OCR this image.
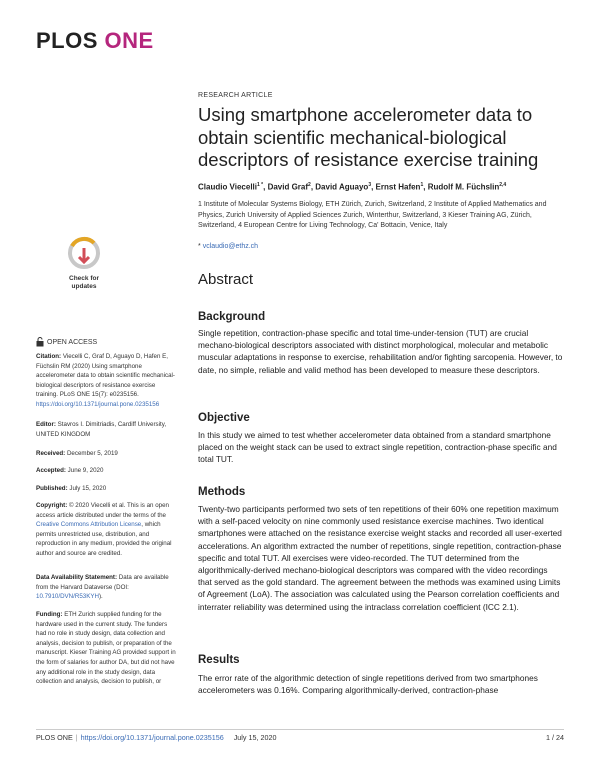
PLOS ONE
RESEARCH ARTICLE
Using smartphone accelerometer data to obtain scientific mechanical-biological descriptors of resistance exercise training
Claudio Viecelli$^{1 *}$, David Graf$^2$, David Aguayo$^3$, Ernst Hafen$^1$, Rudolf M. Füchslin$^{2,4}$
1 Institute of Molecular Systems Biology, ETH Zürich, Zurich, Switzerland, 2 Institute of Applied Mathematics and Physics, Zurich University of Applied Sciences Zurich, Winterthur, Switzerland, 3 Kieser Training AG, Zürich, Switzerland, 4 European Centre for Living Technology, Ca' Bottacin, Venice, Italy
* vclaudio@ethz.ch
Abstract
Background
Single repetition, contraction-phase specific and total time-under-tension (TUT) are crucial mechano-biological descriptors associated with distinct morphological, molecular and metabolic muscular adaptations in response to exercise, rehabilitation and/or fighting sarcopenia. However, to date, no simple, reliable and valid method has been developed to measure these descriptors.
Objective
In this study we aimed to test whether accelerometer data obtained from a standard smartphone placed on the weight stack can be used to extract single repetition, contraction-phase specific and total TUT.
Methods
Twenty-two participants performed two sets of ten repetitions of their 60% one repetition maximum with a self-paced velocity on nine commonly used resistance exercise machines. Two identical smartphones were attached on the resistance exercise weight stacks and recorded all user-exerted accelerations. An algorithm extracted the number of repetitions, single repetition, contraction-phase specific and total TUT. All exercises were video-recorded. The TUT determined from the algorithmically-derived mechano-biological descriptors was compared with the video recordings that served as the gold standard. The agreement between the methods was examined using Limits of Agreement (LoA). The association was calculated using the Pearson correlation coefficients and interrater reliability was determined using the intraclass correlation coefficient (ICC 2.1).
Results
The error rate of the algorithmic detection of single repetitions derived from two smartphones accelerometers was 0.16%. Comparing algorithmically-derived, contraction-phase
Check for
updates
OPEN ACCESS
Citation: Viecelli C, Graf D, Aguayo D, Hafen E, Füchslin RM (2020) Using smartphone accelerometer data to obtain scientific mechanical-biological descriptors of resistance exercise training. PLoS ONE 15(7): e0235156. https://doi.org/10.1371/journal.pone.0235156
Editor: Stavros I. Dimitriadis, Cardiff University, UNITED KINGDOM
Received: December 5, 2019
Accepted: June 9, 2020
Published: July 15, 2020
Copyright: © 2020 Viecelli et al. This is an open access article distributed under the terms of the Creative Commons Attribution License, which permits unrestricted use, distribution, and reproduction in any medium, provided the original author and source are credited.
Data Availability Statement: Data are available from the Harvard Dataverse (DOI: 10.7910/DVN/R53KYH).
Funding: ETH Zurich supplied funding for the hardware used in the current study. The funders had no role in study design, data collection and analysis, decision to publish, or preparation of the manuscript. Kieser Training AG provided support in the form of salaries for author DA, but did not have any additional role in the study design, data collection and analysis, decision to publish, or
PLOS ONE | https://doi.org/10.1371/journal.pone.0235156 July 15, 2020	1 / 24
